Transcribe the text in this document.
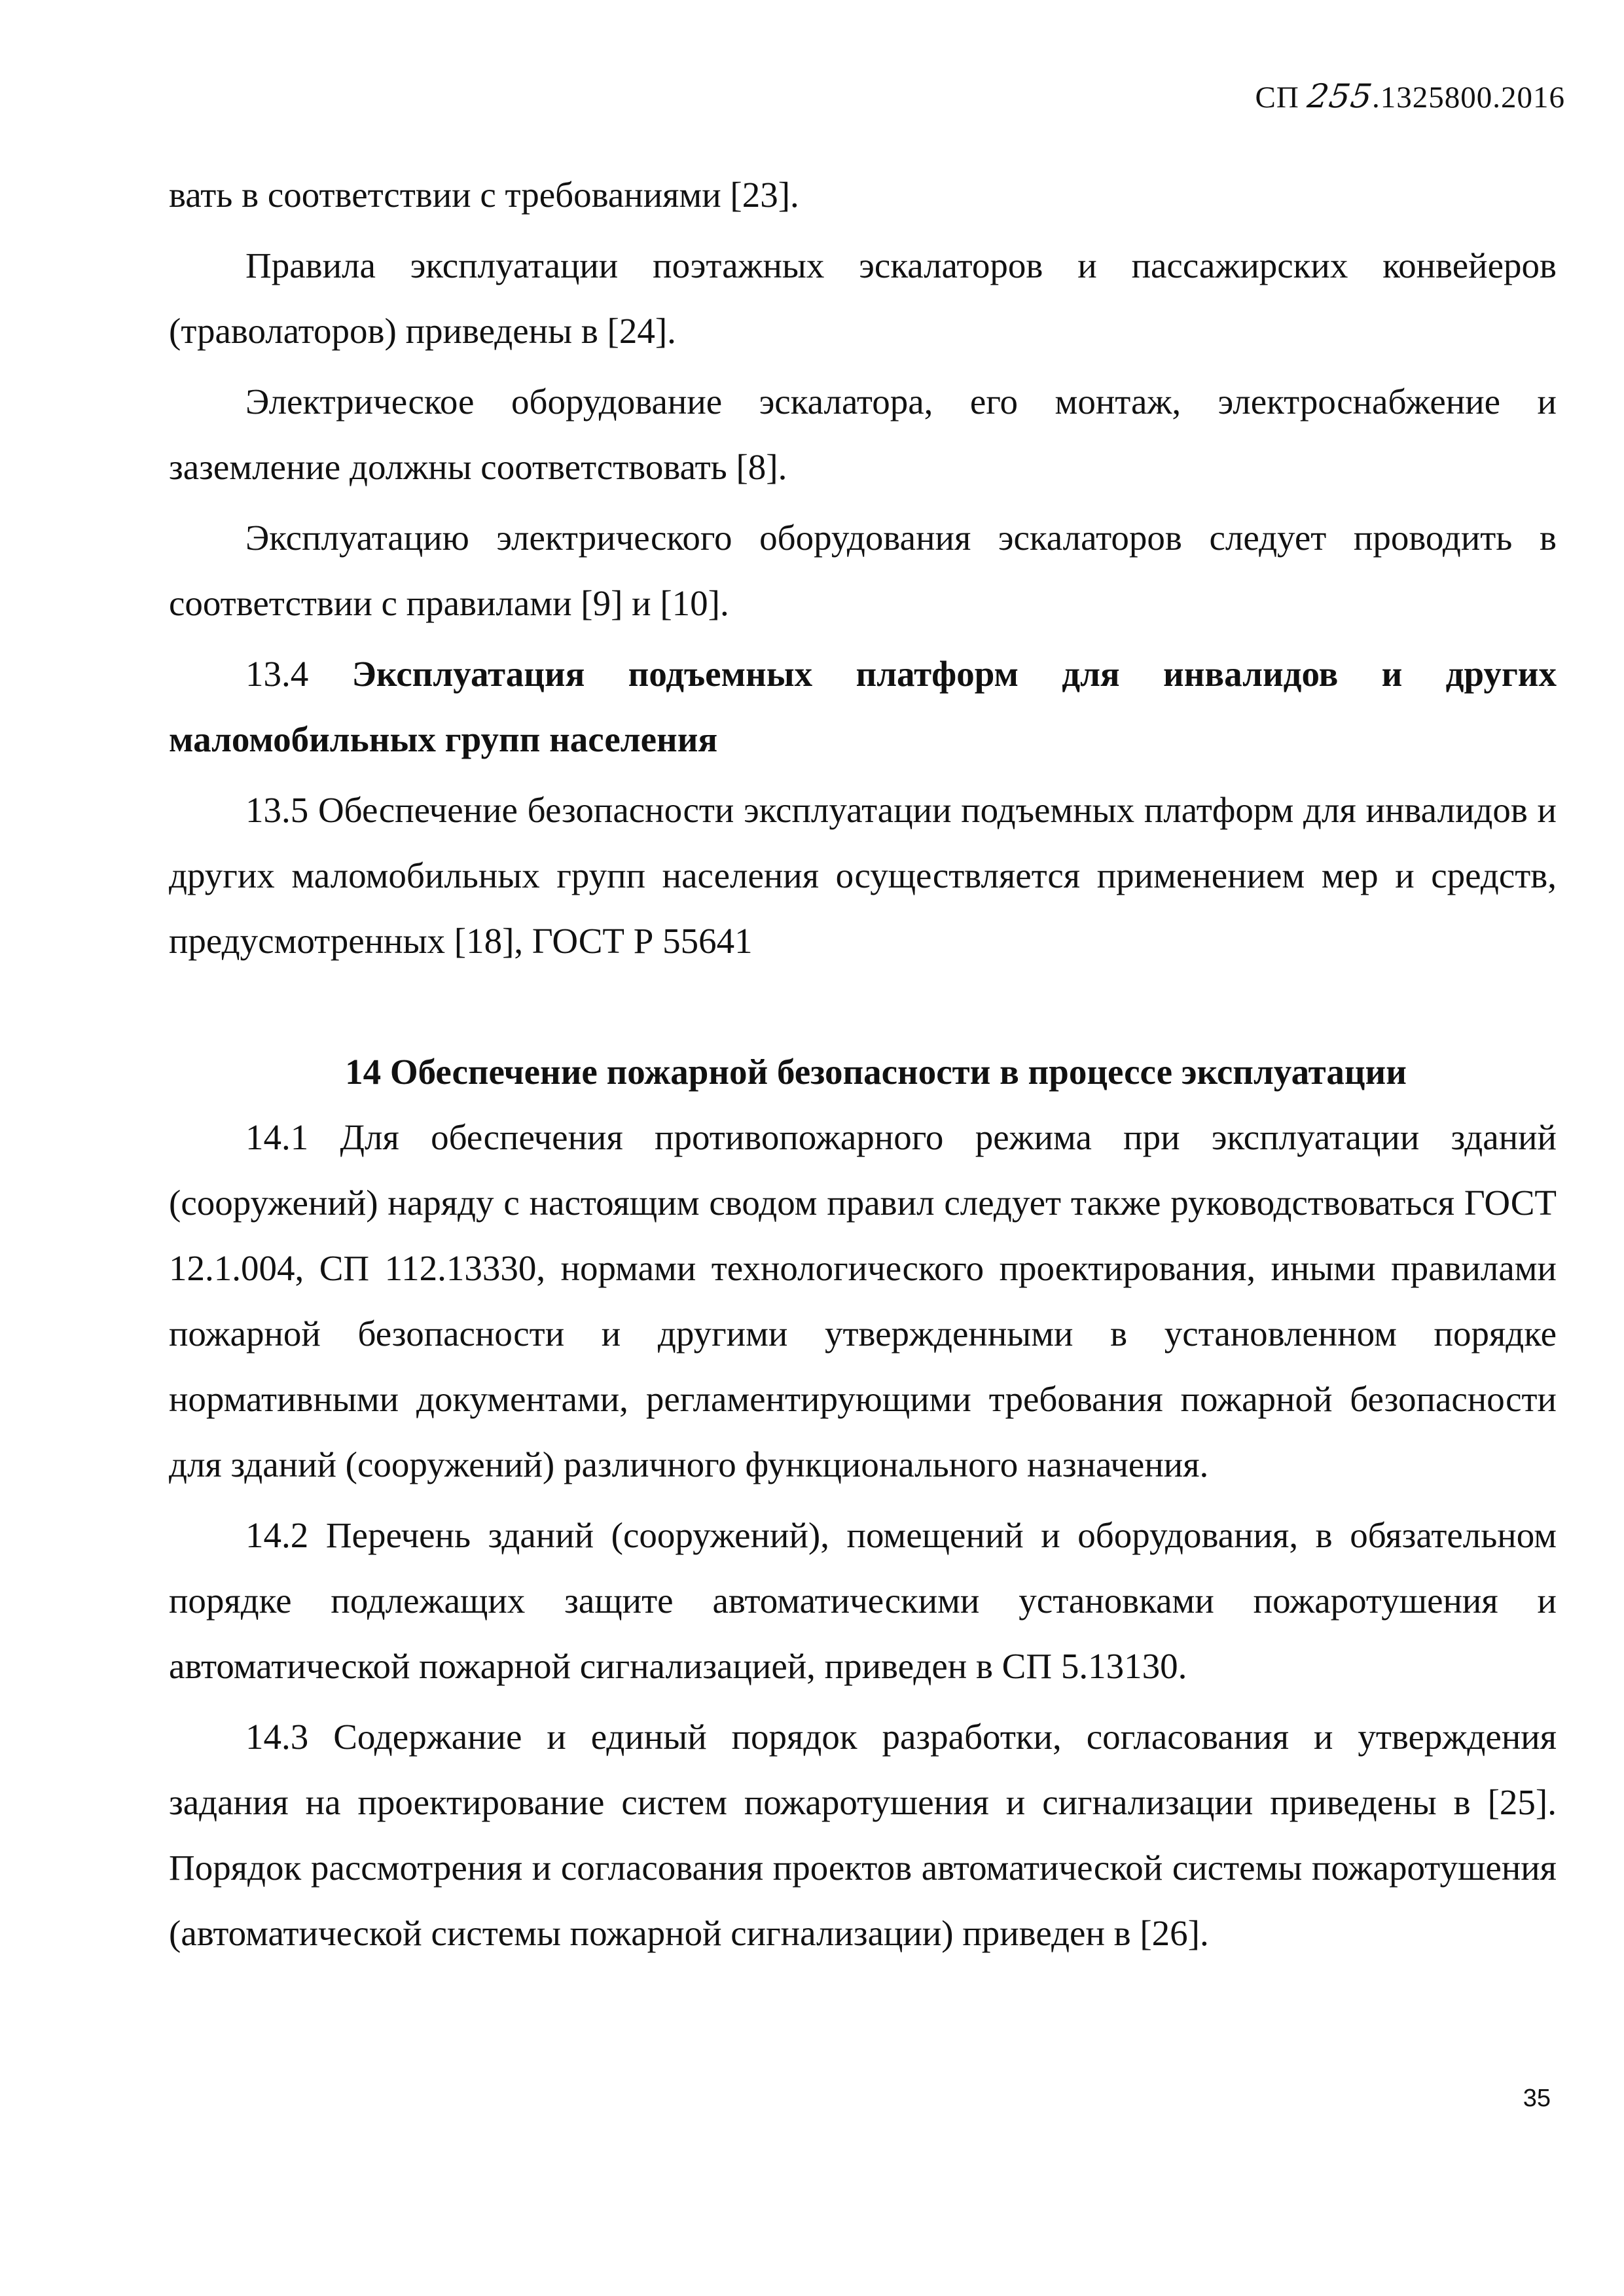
СП 255.1325800.2016

вать в соответствии с требованиями [23].

Правила эксплуатации поэтажных эскалаторов и пассажирских конвейеров (траволаторов) приведены в [24].

Электрическое оборудование эскалатора, его монтаж, электроснабжение и заземление должны соответствовать [8].

Эксплуатацию электрического оборудования эскалаторов следует проводить в соответствии с правилами [9] и [10].

13.4 Эксплуатация подъемных платформ для инвалидов и других маломобильных групп населения

13.5 Обеспечение безопасности эксплуатации подъемных платформ для инвалидов и других маломобильных групп населения осуществляется применением мер и средств, предусмотренных [18], ГОСТ Р 55641

14 Обеспечение пожарной безопасности в процессе эксплуатации

14.1 Для обеспечения противопожарного режима при эксплуатации зданий (сооружений) наряду с настоящим сводом правил следует также руководствоваться ГОСТ 12.1.004, СП 112.13330, нормами технологического проектирования, иными правилами пожарной безопасности и другими утвержденными в установленном порядке нормативными документами, регламентирующими требования пожарной безопасности для зданий (сооружений) различного функционального назначения.

14.2 Перечень зданий (сооружений), помещений и оборудования, в обязательном порядке подлежащих защите автоматическими установками пожаротушения и автоматической пожарной сигнализацией, приведен в СП 5.13130.

14.3 Содержание и единый порядок разработки, согласования и утверждения задания на проектирование систем пожаротушения и сигнализации приведены в [25]. Порядок рассмотрения и согласования проектов автоматической системы пожаротушения (автоматической системы пожарной сигнализации) приведен в [26].

35
